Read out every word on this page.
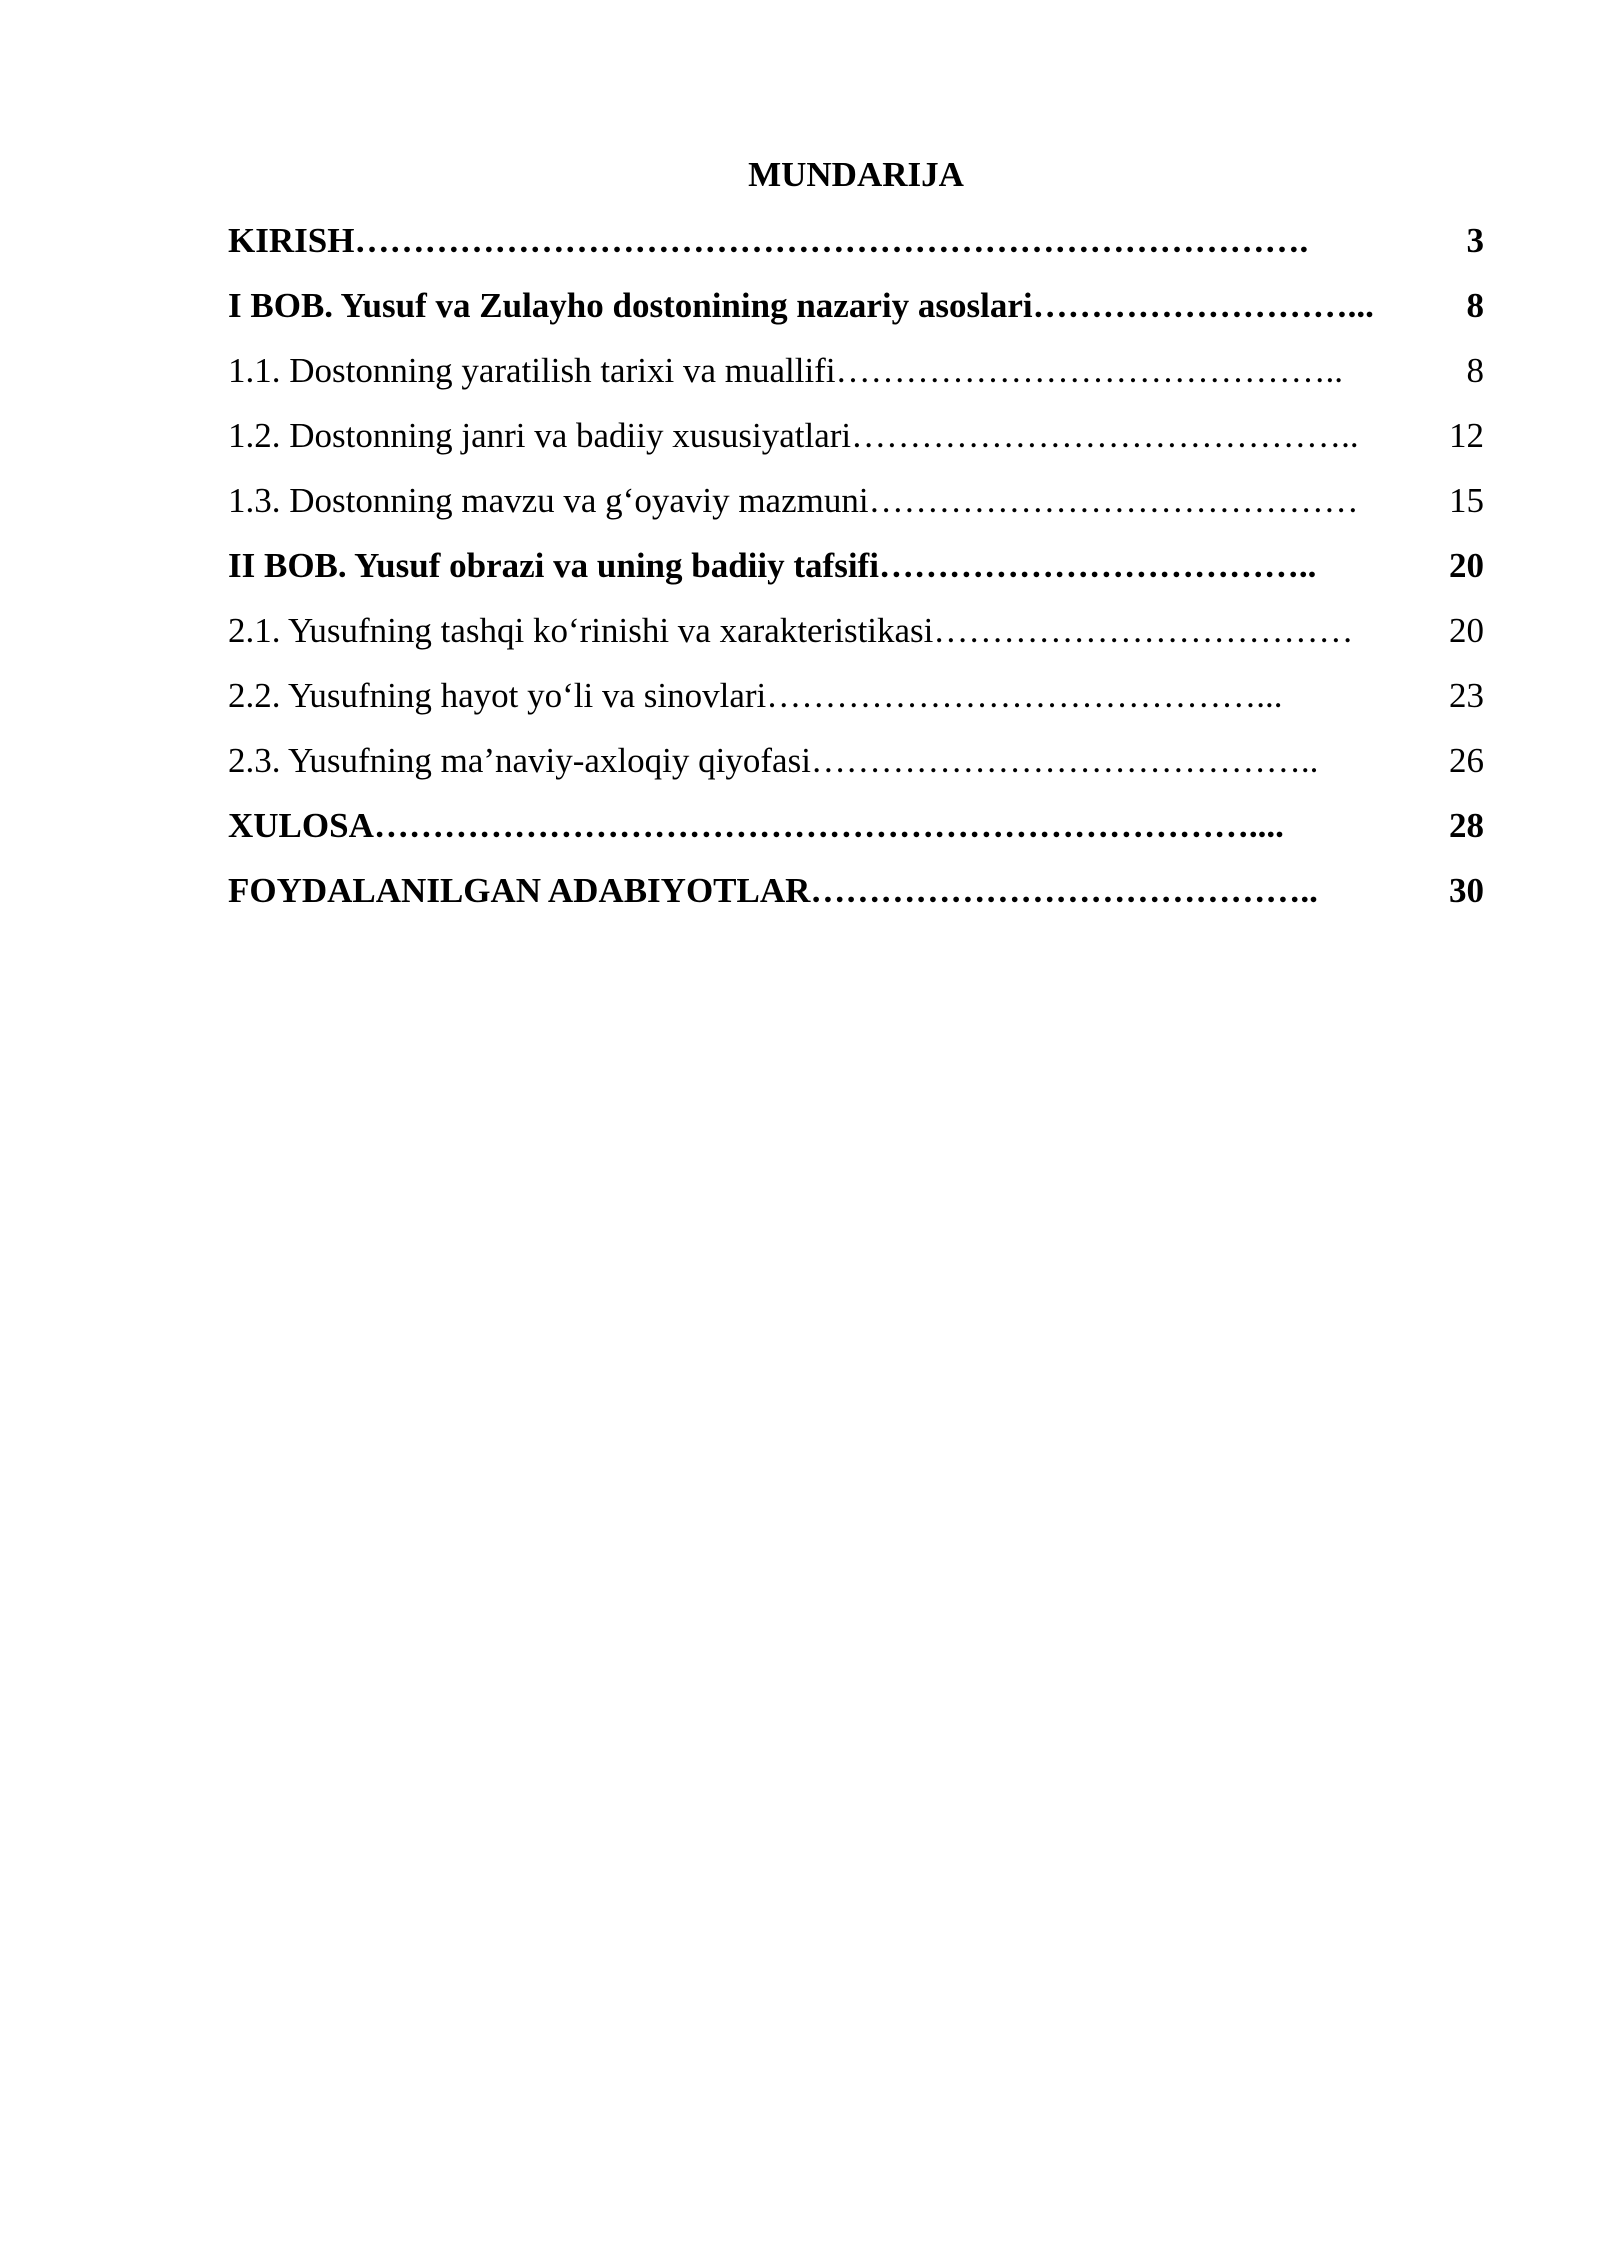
MUNDARIJA
KIRISH ……………………………………………………………………….	3
I BOB. Yusuf va Zulayho dostonining nazariy asoslari ………………………...	8
1.1. Dostonning yaratilish tarixi va muallifi ……………………………………..	8
1.2. Dostonning janri va badiiy xususiyatlari ……………………………………..	12
1.3. Dostonning mavzu va g‘oyaviy mazmuni ……………………………………	15
II BOB. Yusuf obrazi va uning badiiy tafsifi ………………………………..	20
2.1. Yusufning tashqi ko‘rinishi va xarakteristikasi ………………………………	20
2.2. Yusufning hayot yo‘li va sinovlari ……………………………………...	23
2.3. Yusufning ma’naviy-axloqiy qiyofasi ……………………………………..	26
XULOSA …………………………………………………………………....	28
FOYDALANILGAN ADABIYOTLAR ……………………………………..	30
